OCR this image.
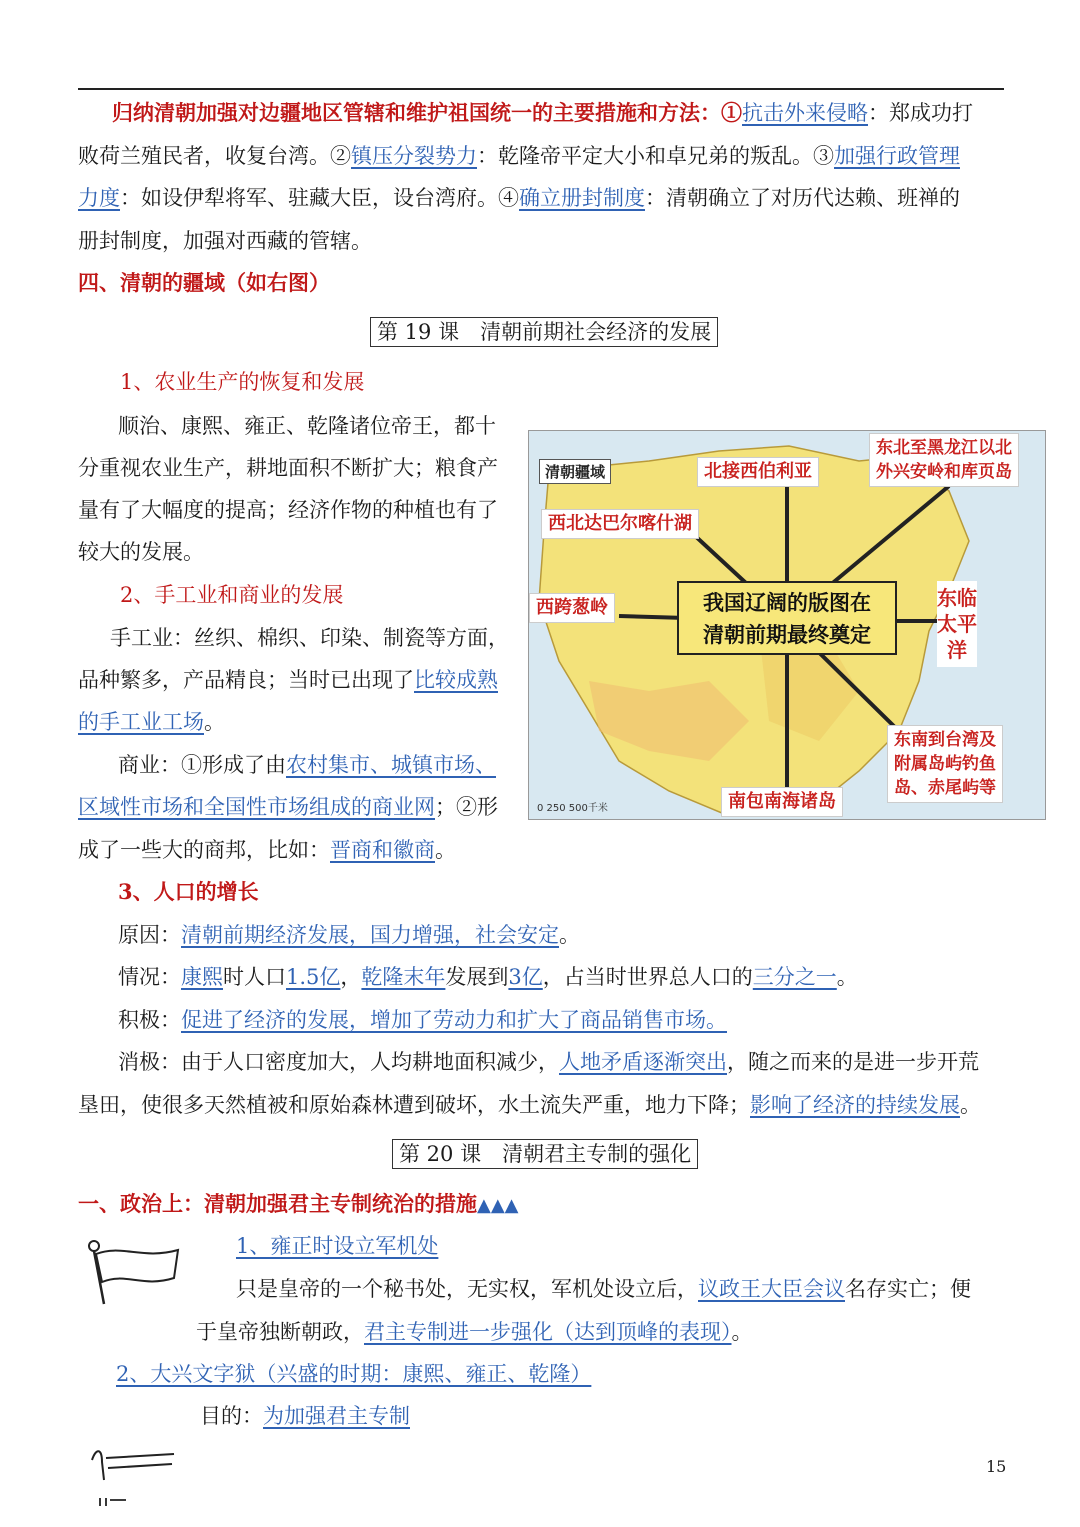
归纳清朝加强对边疆地区管辖和维护祖国统一的主要措施和方法：①抗击外来侵略：郑成功打
败荷兰殖民者，收复台湾。②镇压分裂势力：乾隆帝平定大小和卓兄弟的叛乱。③加强行政管理
力度：如设伊犁将军、驻藏大臣，设台湾府。④确立册封制度：清朝确立了对历代达赖、班禅的
册封制度，加强对西藏的管辖。
四、清朝的疆域（如右图）
第 19 课　清朝前期社会经济的发展
1、农业生产的恢复和发展
顺治、康熙、雍正、乾隆诸位帝王，都十
分重视农业生产，耕地面积不断扩大；粮食产
量有了大幅度的提高；经济作物的种植也有了
较大的发展。
2、手工业和商业的发展
手工业：丝织、棉织、印染、制瓷等方面，
品种繁多，产品精良；当时已出现了比较成熟
的手工业工场。
商业：①形成了由农村集市、城镇市场、
区域性市场和全国性市场组成的商业网；②形
成了一些大的商邦，比如：晋商和徽商。
清朝疆域	北接西伯利亚
东北至黑龙江以北
外兴安岭和库页岛
西北达巴尔喀什湖
西跨葱岭	我国辽阔的版图在
清朝前期最终奠定
东临太平洋
东南到台湾及
附属岛屿钓鱼
岛、赤尾屿等
南包南海诸岛
0 250 500千米
3、人口的增长
原因：清朝前期经济发展，国力增强，社会安定。
情况：康熙时人口1.5亿，乾隆末年发展到3亿，占当时世界总人口的三分之一。
积极：促进了经济的发展，增加了劳动力和扩大了商品销售市场。
消极：由于人口密度加大，人均耕地面积减少，人地矛盾逐渐突出，随之而来的是进一步开荒
垦田，使很多天然植被和原始森林遭到破坏，水土流失严重，地力下降；影响了经济的持续发展。
第 20 课　清朝君主专制的强化
一、政治上：清朝加强君主专制统治的措施▲▲▲
1、雍正时设立军机处
只是皇帝的一个秘书处，无实权，军机处设立后，议政王大臣会议名存实亡；便
于皇帝独断朝政，君主专制进一步强化（达到顶峰的表现）。
2、大兴文字狱（兴盛的时期：康熙、雍正、乾隆）
目的：为加强君主专制
15
